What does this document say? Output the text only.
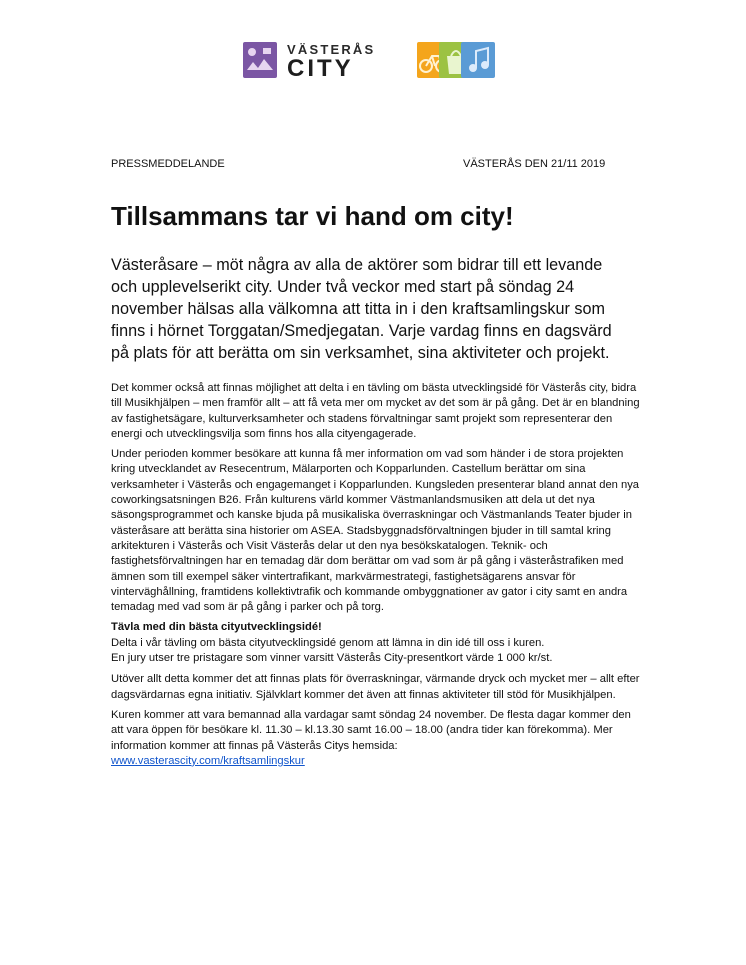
VÄSTERÅS
CITY
PRESSMEDDELANDE	VÄSTERÅS DEN 21/11 2019
Tillsammans tar vi hand om city!

Västeråsare – möt några av alla de aktörer som bidrar till ett levande och upplevelserikt city. Under två veckor med start på söndag 24 november hälsas alla välkomna att titta in i den kraftsamlingskur som finns i hörnet Torggatan/Smedjegatan. Varje vardag finns en dagsvärd på plats för att berätta om sin verksamhet, sina aktiviteter och projekt.

Det kommer också att finnas möjlighet att delta i en tävling om bästa utvecklingsidé för Västerås city, bidra till Musikhjälpen – men framför allt – att få veta mer om mycket av det som är på gång. Det är en blandning av fastighetsägare, kulturverksamheter och stadens förvaltningar samt projekt som representerar den energi och utvecklingsvilja som finns hos alla cityengagerade.

Under perioden kommer besökare att kunna få mer information om vad som händer i de stora projekten kring utvecklandet av Resecentrum, Mälarporten och Kopparlunden. Castellum berättar om sina verksamheter i Västerås och engagemanget i Kopparlunden. Kungsleden presenterar bland annat den nya coworkingsatsningen B26. Från kulturens värld kommer Västmanlandsmusiken att dela ut det nya säsongsprogrammet och kanske bjuda på musikaliska överraskningar och Västmanlands Teater bjuder in västeråsare att berätta sina historier om ASEA. Stadsbyggnadsförvaltningen bjuder in till samtal kring arkitekturen i Västerås och Visit Västerås delar ut den nya besökskatalogen. Teknik- och fastighetsförvaltningen har en temadag där dom berättar om vad som är på gång i västeråstrafiken med ämnen som till exempel säker vintertrafikant, markvärmestrategi, fastighetsägarens ansvar för vinterväghållning, framtidens kollektivtrafik och kommande ombyggnationer av gator i city samt en andra temadag med vad som är på gång i parker och på torg.

Tävla med din bästa cityutvecklingsidé!
Delta i vår tävling om bästa cityutvecklingsidé genom att lämna in din idé till oss i kuren.
En jury utser tre pristagare som vinner varsitt Västerås City-presentkort värde 1 000 kr/st.

Utöver allt detta kommer det att finnas plats för överraskningar, värmande dryck och mycket mer – allt efter dagsvärdarnas egna initiativ. Självklart kommer det även att finnas aktiviteter till stöd för Musikhjälpen.

Kuren kommer att vara bemannad alla vardagar samt söndag 24 november. De flesta dagar kommer den att vara öppen för besökare kl. 11.30 – kl.13.30 samt 16.00 – 18.00 (andra tider kan förekomma). Mer information kommer att finnas på Västerås Citys hemsida:
www.vasterascity.com/kraftsamlingskur
